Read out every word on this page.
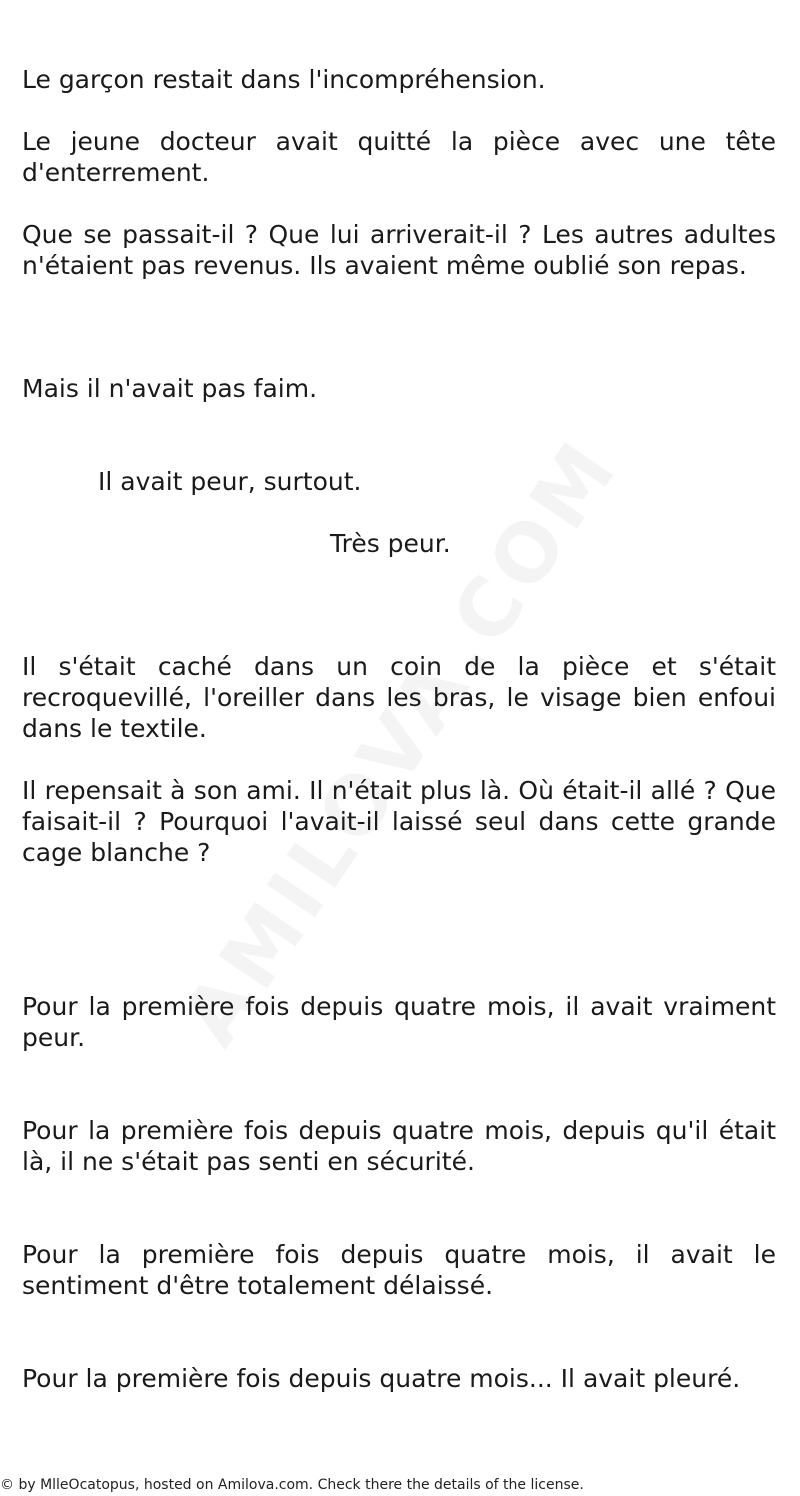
Le garçon restait dans l'incompréhension.

Le jeune docteur avait quitté la pièce avec une tête d'enterrement.

Que se passait-il ? Que lui arriverait-il ? Les autres adultes n'étaient pas revenus. Ils avaient même oublié son repas.

Mais il n'avait pas faim.

Il avait peur, surtout.

Très peur.

Il s'était caché dans un coin de la pièce et s'était recroquevillé, l'oreiller dans les bras, le visage bien enfoui dans le textile.

Il repensait à son ami. Il n'était plus là. Où était-il allé ? Que faisait-il ? Pourquoi l'avait-il laissé seul dans cette grande cage blanche ?

Pour la première fois depuis quatre mois, il avait vraiment peur.

Pour la première fois depuis quatre mois, depuis qu'il était là, il ne s'était pas senti en sécurité.

Pour la première fois depuis quatre mois, il avait le sentiment d'être totalement délaissé.

Pour la première fois depuis quatre mois... Il avait pleuré.

© by MlleOcatopus, hosted on Amilova.com. Check there the details of the license.
